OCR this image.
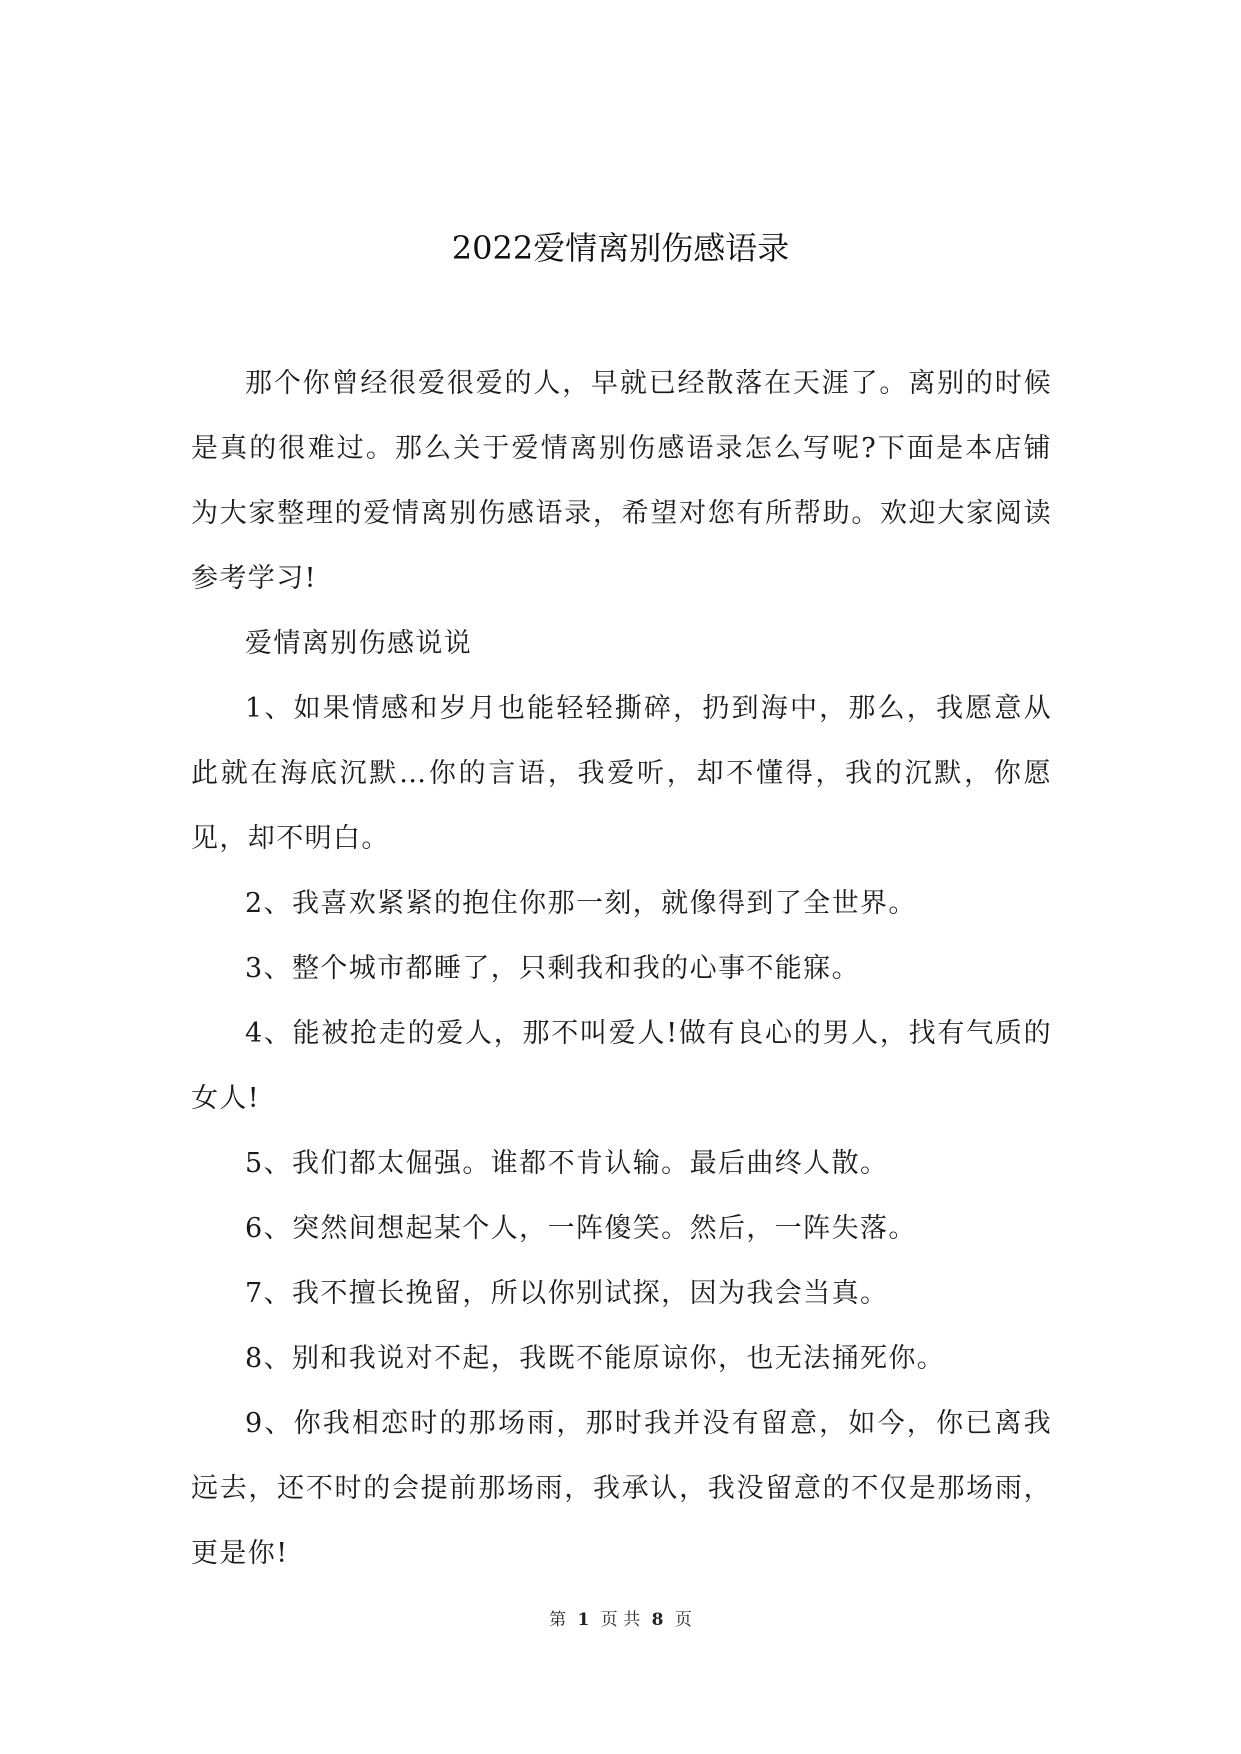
2022爱情离别伤感语录

那个你曾经很爱很爱的人，早就已经散落在天涯了。离别的时候是真的很难过。那么关于爱情离别伤感语录怎么写呢?下面是本店铺为大家整理的爱情离别伤感语录，希望对您有所帮助。欢迎大家阅读参考学习!

爱情离别伤感说说

1、如果情感和岁月也能轻轻撕碎，扔到海中，那么，我愿意从此就在海底沉默…你的言语，我爱听，却不懂得，我的沉默，你愿见，却不明白。

2、我喜欢紧紧的抱住你那一刻，就像得到了全世界。

3、整个城市都睡了，只剩我和我的心事不能寐。

4、能被抢走的爱人，那不叫爱人!做有良心的男人，找有气质的女人!

5、我们都太倔强。谁都不肯认输。最后曲终人散。

6、突然间想起某个人，一阵傻笑。然后，一阵失落。

7、我不擅长挽留，所以你别试探，因为我会当真。

8、别和我说对不起，我既不能原谅你，也无法捅死你。

9、你我相恋时的那场雨，那时我并没有留意，如今，你已离我远去，还不时的会提前那场雨，我承认，我没留意的不仅是那场雨，更是你!

第 1 页 共 8 页
